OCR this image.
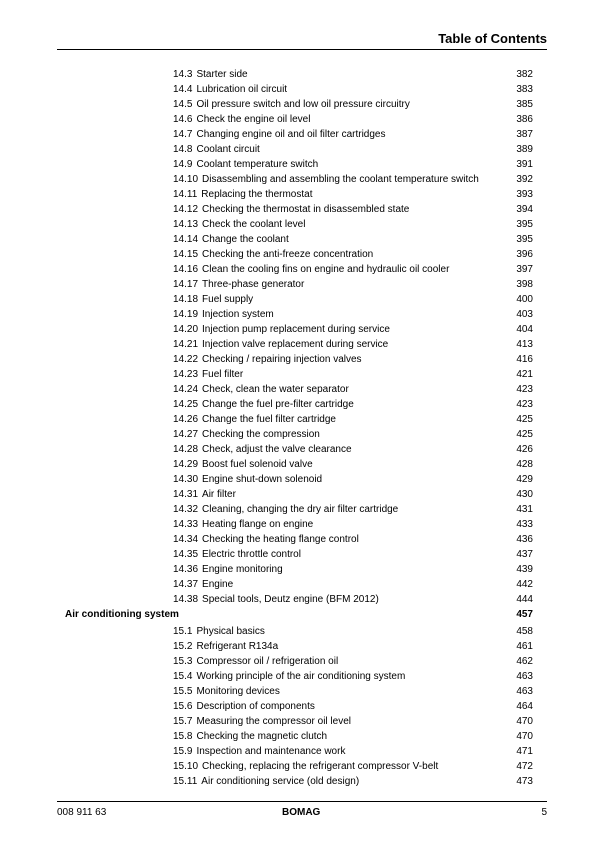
Table of Contents
14.3 Starter side	382
14.4 Lubrication oil circuit	383
14.5 Oil pressure switch and low oil pressure circuitry	385
14.6 Check the engine oil level	386
14.7 Changing engine oil and oil filter cartridges	387
14.8 Coolant circuit	389
14.9 Coolant temperature switch	391
14.10 Disassembling and assembling the coolant temperature switch	392
14.11 Replacing the thermostat	393
14.12 Checking the thermostat in disassembled state	394
14.13 Check the coolant level	395
14.14 Change the coolant	395
14.15 Checking the anti-freeze concentration	396
14.16 Clean the cooling fins on engine and hydraulic oil cooler	397
14.17 Three-phase generator	398
14.18 Fuel supply	400
14.19 Injection system	403
14.20 Injection pump replacement during service	404
14.21 Injection valve replacement during service	413
14.22 Checking / repairing injection valves	416
14.23 Fuel filter	421
14.24 Check, clean the water separator	423
14.25 Change the fuel pre-filter cartridge	423
14.26 Change the fuel filter cartridge	425
14.27 Checking the compression	425
14.28 Check, adjust the valve clearance	426
14.29 Boost fuel solenoid valve	428
14.30 Engine shut-down solenoid	429
14.31 Air filter	430
14.32 Cleaning, changing the dry air filter cartridge	431
14.33 Heating flange on engine	433
14.34 Checking the heating flange control	436
14.35 Electric throttle control	437
14.36 Engine monitoring	439
14.37 Engine	442
14.38 Special tools, Deutz engine (BFM 2012)	444
Air conditioning system	457
15.1 Physical basics	458
15.2 Refrigerant R134a	461
15.3 Compressor oil / refrigeration oil	462
15.4 Working principle of the air conditioning system	463
15.5 Monitoring devices	463
15.6 Description of components	464
15.7 Measuring the compressor oil level	470
15.8 Checking the magnetic clutch	470
15.9 Inspection and maintenance work	471
15.10 Checking, replacing the refrigerant compressor V-belt	472
15.11 Air conditioning service (old design)	473
008 911 63	BOMAG	5
